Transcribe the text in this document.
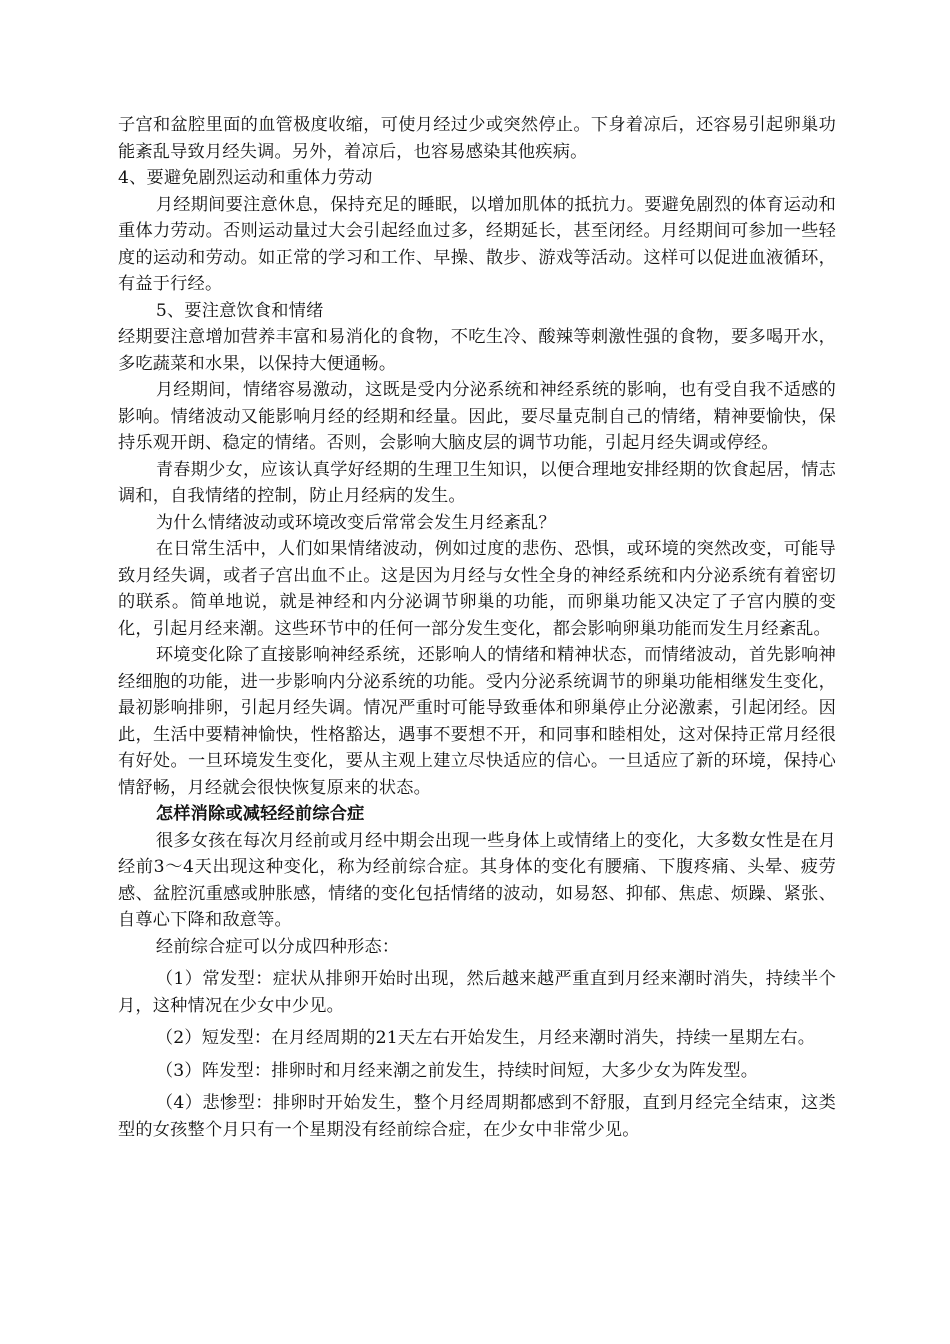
子宫和盆腔里面的血管极度收缩，可使月经过少或突然停止。下身着凉后，还容易引起卵巢功能紊乱导致月经失调。另外，着凉后，也容易感染其他疾病。

4、要避免剧烈运动和重体力劳动

月经期间要注意休息，保持充足的睡眠，以增加肌体的抵抗力。要避免剧烈的体育运动和重体力劳动。否则运动量过大会引起经血过多，经期延长，甚至闭经。月经期间可参加一些轻度的运动和劳动。如正常的学习和工作、早操、散步、游戏等活动。这样可以促进血液循环，有益于行经。

5、要注意饮食和情绪

经期要注意增加营养丰富和易消化的食物，不吃生冷、酸辣等刺激性强的食物，要多喝开水，多吃蔬菜和水果，以保持大便通畅。

月经期间，情绪容易激动，这既是受内分泌系统和神经系统的影响，也有受自我不适感的影响。情绪波动又能影响月经的经期和经量。因此，要尽量克制自己的情绪，精神要愉快，保持乐观开朗、稳定的情绪。否则，会影响大脑皮层的调节功能，引起月经失调或停经。

青春期少女，应该认真学好经期的生理卫生知识，以便合理地安排经期的饮食起居，情志调和，自我情绪的控制，防止月经病的发生。

为什么情绪波动或环境改变后常常会发生月经紊乱？

在日常生活中，人们如果情绪波动，例如过度的悲伤、恐惧，或环境的突然改变，可能导致月经失调，或者子宫出血不止。这是因为月经与女性全身的神经系统和内分泌系统有着密切的联系。简单地说，就是神经和内分泌调节卵巢的功能，而卵巢功能又决定了子宫内膜的变化，引起月经来潮。这些环节中的任何一部分发生变化，都会影响卵巢功能而发生月经紊乱。

环境变化除了直接影响神经系统，还影响人的情绪和精神状态，而情绪波动，首先影响神经细胞的功能，进一步影响内分泌系统的功能。受内分泌系统调节的卵巢功能相继发生变化，最初影响排卵，引起月经失调。情况严重时可能导致垂体和卵巢停止分泌激素，引起闭经。因此，生活中要精神愉快，性格豁达，遇事不要想不开，和同事和睦相处，这对保持正常月经很有好处。一旦环境发生变化，要从主观上建立尽快适应的信心。一旦适应了新的环境，保持心情舒畅，月经就会很快恢复原来的状态。

怎样消除或减轻经前综合症

很多女孩在每次月经前或月经中期会出现一些身体上或情绪上的变化，大多数女性是在月经前3～4天出现这种变化，称为经前综合症。其身体的变化有腰痛、下腹疼痛、头晕、疲劳感、盆腔沉重感或肿胀感，情绪的变化包括情绪的波动，如易怒、抑郁、焦虑、烦躁、紧张、自尊心下降和敌意等。

经前综合症可以分成四种形态：

（1）常发型：症状从排卵开始时出现，然后越来越严重直到月经来潮时消失，持续半个月，这种情况在少女中少见。

（2）短发型：在月经周期的21天左右开始发生，月经来潮时消失，持续一星期左右。

（3）阵发型：排卵时和月经来潮之前发生，持续时间短，大多少女为阵发型。

（4）悲惨型：排卵时开始发生，整个月经周期都感到不舒服，直到月经完全结束，这类型的女孩整个月只有一个星期没有经前综合症，在少女中非常少见。
